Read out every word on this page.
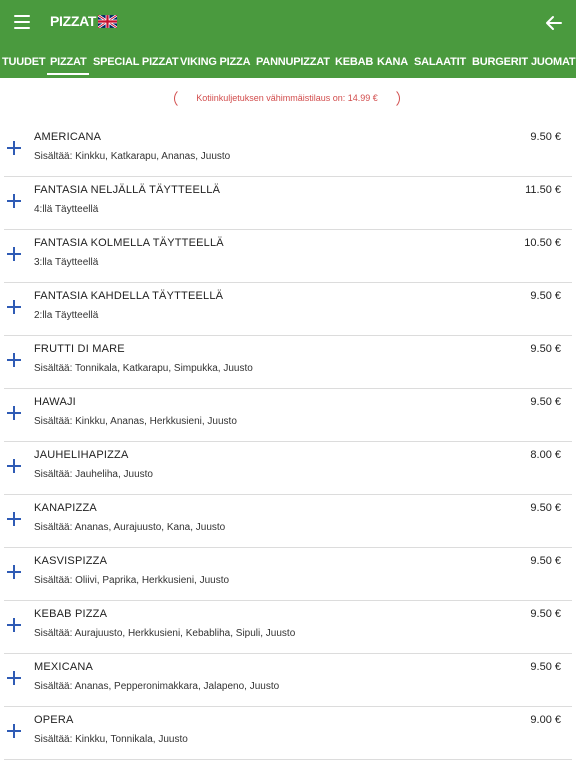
PIZZAT
TUUDET PIZZAT SPECIAL PIZZAT VIKING PIZZA PANNUPIZZAT KEBAB KANA SALAATIT BURGERIT JUOMAT
Kotiinkuljetuksen vähimmäistilaus on: 14.99 €
AMERICANA
Sisältää: Kinkku, Katkarapu, Ananas, Juusto
9.50 €
FANTASIA NELJÄLLÄ TÄYTTEELLÄ
4:llä Täytteellä
11.50 €
FANTASIA KOLMELLA TÄYTTEELLÄ
3:lla Täytteellä
10.50 €
FANTASIA KAHDELLA TÄYTTEELLÄ
2:lla Täytteellä
9.50 €
FRUTTI DI MARE
Sisältää: Tonnikala, Katkarapu, Simpukka, Juusto
9.50 €
HAWAJI
Sisältää: Kinkku, Ananas, Herkkusieni, Juusto
9.50 €
JAUHELIHAPIZZA
Sisältää: Jauheliha, Juusto
8.00 €
KANAPIZZA
Sisältää: Ananas, Aurajuusto, Kana, Juusto
9.50 €
KASVISPIZZA
Sisältää: Oliivi, Paprika, Herkkusieni, Juusto
9.50 €
KEBAB PIZZA
Sisältää: Aurajuusto, Herkkusieni, Kebabliha, Sipuli, Juusto
9.50 €
MEXICANA
Sisältää: Ananas, Pepperonimakkara, Jalapeno, Juusto
9.50 €
OPERA
Sisältää: Kinkku, Tonnikala, Juusto
9.00 €
